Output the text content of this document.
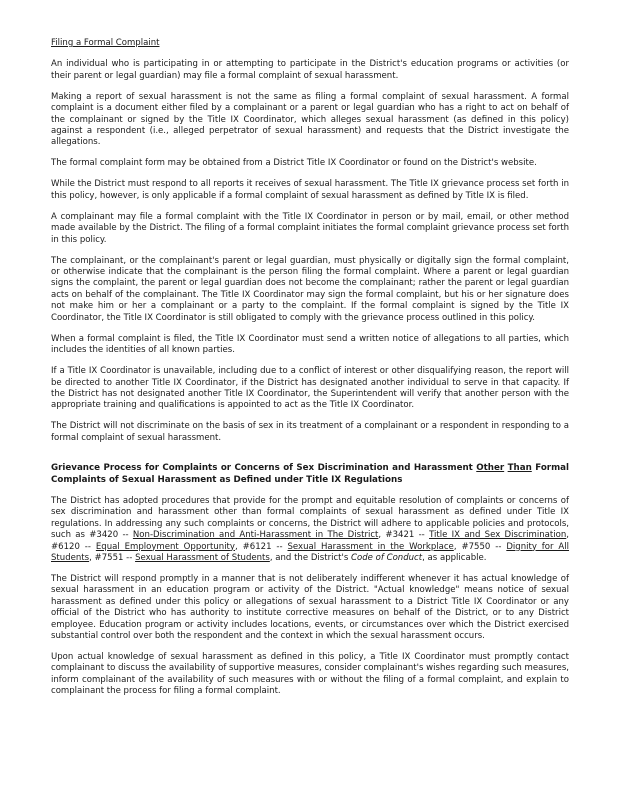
Filing a Formal Complaint

An individual who is participating in or attempting to participate in the District's education programs or activities (or their parent or legal guardian) may file a formal complaint of sexual harassment.

Making a report of sexual harassment is not the same as filing a formal complaint of sexual harassment. A formal complaint is a document either filed by a complainant or a parent or legal guardian who has a right to act on behalf of the complainant or signed by the Title IX Coordinator, which alleges sexual harassment (as defined in this policy) against a respondent (i.e., alleged perpetrator of sexual harassment) and requests that the District investigate the allegations.

The formal complaint form may be obtained from a District Title IX Coordinator or found on the District's website.

While the District must respond to all reports it receives of sexual harassment. The Title IX grievance process set forth in this policy, however, is only applicable if a formal complaint of sexual harassment as defined by Title IX is filed.

A complainant may file a formal complaint with the Title IX Coordinator in person or by mail, email, or other method made available by the District. The filing of a formal complaint initiates the formal complaint grievance process set forth in this policy.

The complainant, or the complainant's parent or legal guardian, must physically or digitally sign the formal complaint, or otherwise indicate that the complainant is the person filing the formal complaint. Where a parent or legal guardian signs the complaint, the parent or legal guardian does not become the complainant; rather the parent or legal guardian acts on behalf of the complainant. The Title IX Coordinator may sign the formal complaint, but his or her signature does not make him or her a complainant or a party to the complaint. If the formal complaint is signed by the Title IX Coordinator, the Title IX Coordinator is still obligated to comply with the grievance process outlined in this policy.

When a formal complaint is filed, the Title IX Coordinator must send a written notice of allegations to all parties, which includes the identities of all known parties.

If a Title IX Coordinator is unavailable, including due to a conflict of interest or other disqualifying reason, the report will be directed to another Title IX Coordinator, if the District has designated another individual to serve in that capacity. If the District has not designated another Title IX Coordinator, the Superintendent will verify that another person with the appropriate training and qualifications is appointed to act as the Title IX Coordinator.

The District will not discriminate on the basis of sex in its treatment of a complainant or a respondent in responding to a formal complaint of sexual harassment.

Grievance Process for Complaints or Concerns of Sex Discrimination and Harassment Other Than Formal Complaints of Sexual Harassment as Defined under Title IX Regulations

The District has adopted procedures that provide for the prompt and equitable resolution of complaints or concerns of sex discrimination and harassment other than formal complaints of sexual harassment as defined under Title IX regulations. In addressing any such complaints or concerns, the District will adhere to applicable policies and protocols, such as #3420 -- Non-Discrimination and Anti-Harassment in The District, #3421 -- Title IX and Sex Discrimination, #6120 -- Equal Employment Opportunity, #6121 -- Sexual Harassment in the Workplace, #7550 -- Dignity for All Students, #7551 -- Sexual Harassment of Students, and the District's Code of Conduct, as applicable.

The District will respond promptly in a manner that is not deliberately indifferent whenever it has actual knowledge of sexual harassment in an education program or activity of the District. "Actual knowledge" means notice of sexual harassment as defined under this policy or allegations of sexual harassment to a District Title IX Coordinator or any official of the District who has authority to institute corrective measures on behalf of the District, or to any District employee. Education program or activity includes locations, events, or circumstances over which the District exercised substantial control over both the respondent and the context in which the sexual harassment occurs.

Upon actual knowledge of sexual harassment as defined in this policy, a Title IX Coordinator must promptly contact complainant to discuss the availability of supportive measures, consider complainant's wishes regarding such measures, inform complainant of the availability of such measures with or without the filing of a formal complaint, and explain to complainant the process for filing a formal complaint.
